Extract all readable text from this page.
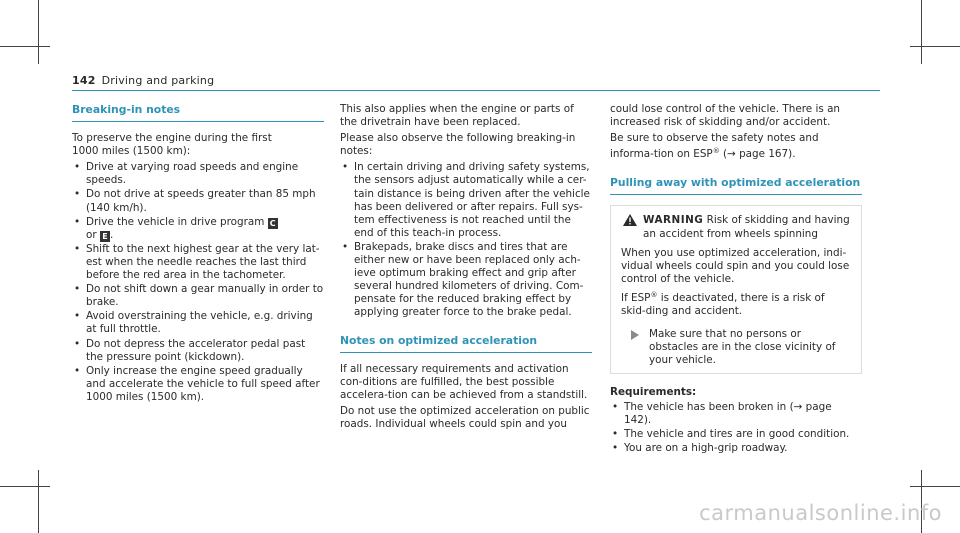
142 Driving and parking
Breaking-in notes

To preserve the engine during the first

1000 miles (1500 km):

• Drive at varying road speeds and engine speeds.
• Do not drive at speeds greater than 85 mph (140 km/h).
• Drive the vehicle in drive program C
or E .
• Shift to the next highest gear at the very lat-est when the needle reaches the last third before the red area in the tachometer.
• Do not shift down a gear manually in order to brake.
• Avoid overstraining the vehicle, e.g. driving at full throttle.
• Do not depress the accelerator pedal past the pressure point (kickdown).
• Only increase the engine speed gradually and accelerate the vehicle to full speed after 1000 miles (1500 km).

This also applies when the engine or parts of the drivetrain have been replaced.

Please also observe the following breaking-in notes:

• In certain driving and driving safety systems, the sensors adjust automatically while a cer-tain distance is being driven after the vehicle has been delivered or after repairs. Full sys-tem effectiveness is not reached until the end of this teach-in process.
• Brakepads, brake discs and tires that are either new or have been replaced only ach-ieve optimum braking effect and grip after several hundred kilometers of driving. Com-pensate for the reduced braking effect by applying greater force to the brake pedal.
Notes on optimized acceleration

If all necessary requirements and activation con-ditions are fulfilled, the best possible accelera-tion can be achieved from a standstill.

Do not use the optimized acceleration on public roads. Individual wheels could spin and you

could lose control of the vehicle. There is an increased risk of skidding and/or accident.

Be sure to observe the safety notes and informa-tion on ESP® (→ page 167).

Pulling away with optimized acceleration
WARNING Risk of skidding and having an accident from wheels spinning

When you use optimized acceleration, indi-vidual wheels could spin and you could lose control of the vehicle.

If ESP® is deactivated, there is a risk of skid-ding and accident.

Make sure that no persons or obstacles are in the close vicinity of your vehicle.
Requirements:
• The vehicle has been broken in (→ page 142).
• The vehicle and tires are in good condition.
• You are on a high-grip roadway.
carmanualsonline.info
